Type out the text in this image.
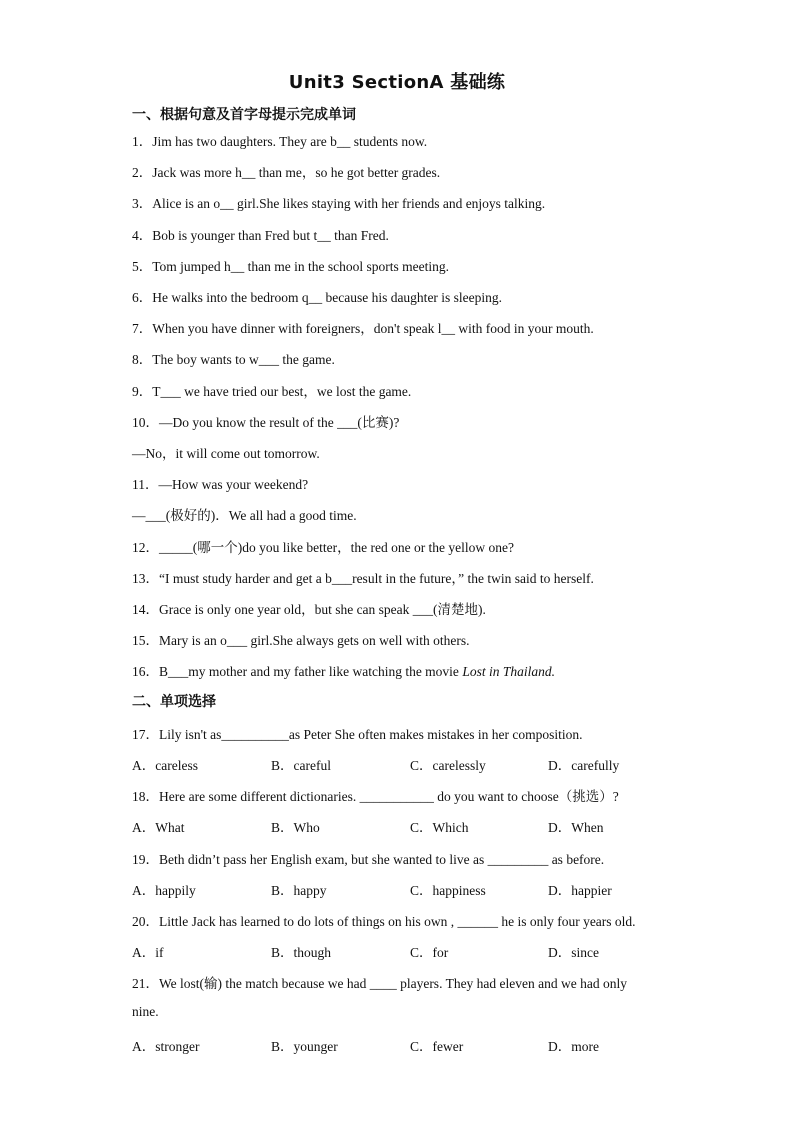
Unit3 SectionA 基础练
一、根据句意及首字母提示完成单词
1．Jim has two daughters. They are b__ students now.
2．Jack was more h__ than me，so he got better grades.
3．Alice is an o__ girl.She likes staying with her friends and enjoys talking.
4．Bob is younger than Fred but t__ than Fred.
5．Tom jumped h__ than me in the school sports meeting.
6．He walks into the bedroom q__ because his daughter is sleeping.
7．When you have dinner with foreigners，don't speak l__ with food in your mouth.
8．The boy wants to w___ the game.
9．T___ we have tried our best，we lost the game.
10．—Do you know the result of the ___(比赛)?
—No，it will come out tomorrow.
11．—How was your weekend?
—___(极好的)．We all had a good time.
12．_____(哪一个)do you like better，the red one or the yellow one?
13．“I must study harder and get a b___result in the future，” the twin said to herself.
14．Grace is only one year old，but she can speak ___(清楚地).
15．Mary is an o___ girl.She always gets on well with others.
16．B___my mother and my father like watching the movie Lost in Thailand.
二、单项选择
17．Lily isn't as__________as Peter She often makes mistakes in her composition.
A．careless	B．careful	C．carelessly	D．carefully
18．Here are some different dictionaries. ___________ do you want to choose（挑选）?
A．What	B．Who	C．Which	D．When
19．Beth didn’t pass her English exam, but she wanted to live as _________ as before.
A．happily	B．happy	C．happiness	D．happier
20．Little Jack has learned to do lots of things on his own , ______ he is only four years old.
A．if	B．though	C．for	D．since
21．We lost(输) the match because we had ____ players. They had eleven and we had only
nine.
A．stronger	B．younger	C．fewer	D．more
